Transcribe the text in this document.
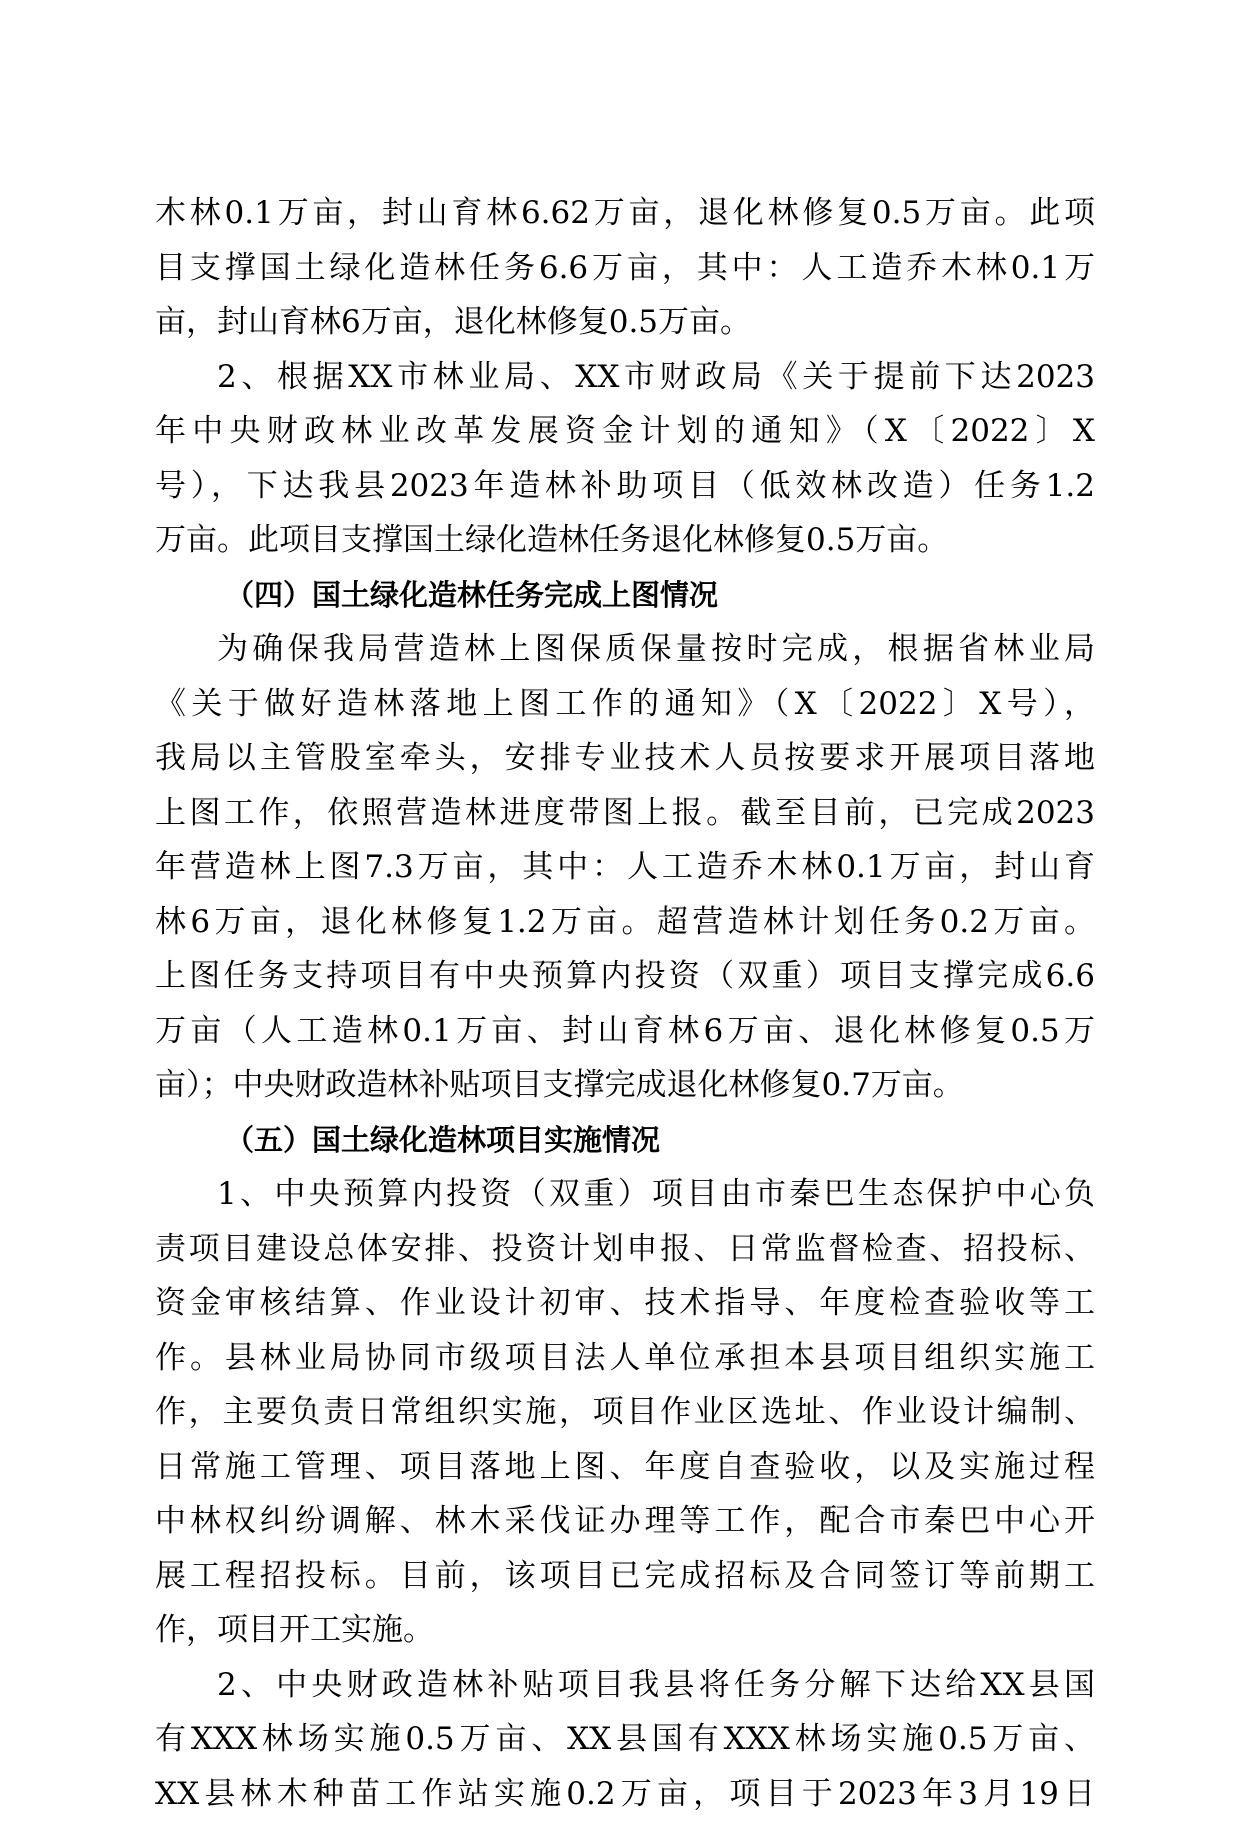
木林0.1万亩，封山育林6.62万亩，退化林修复0.5万亩。此项
目支撑国土绿化造林任务6.6万亩，其中：人工造乔木林0.1万
亩，封山育林6万亩，退化林修复0.5万亩。
2、根据XX市林业局、XX市财政局《关于提前下达2023
年中央财政林业改革发展资金计划的通知》（X〔2022〕X
号），下达我县2023年造林补助项目（低效林改造）任务1.2
万亩。此项目支撑国土绿化造林任务退化林修复0.5万亩。
（四）国土绿化造林任务完成上图情况
为确保我局营造林上图保质保量按时完成，根据省林业局
《关于做好造林落地上图工作的通知》（X〔2022〕X号），
我局以主管股室牵头，安排专业技术人员按要求开展项目落地
上图工作，依照营造林进度带图上报。截至目前，已完成2023
年营造林上图7.3万亩，其中：人工造乔木林0.1万亩，封山育
林6万亩，退化林修复1.2万亩。超营造林计划任务0.2万亩。
上图任务支持项目有中央预算内投资（双重）项目支撑完成6.6
万亩（人工造林0.1万亩、封山育林6万亩、退化林修复0.5万
亩）；中央财政造林补贴项目支撑完成退化林修复0.7万亩。
（五）国土绿化造林项目实施情况
1、中央预算内投资（双重）项目由市秦巴生态保护中心负
责项目建设总体安排、投资计划申报、日常监督检查、招投标、
资金审核结算、作业设计初审、技术指导、年度检查验收等工
作。县林业局协同市级项目法人单位承担本县项目组织实施工
作，主要负责日常组织实施，项目作业区选址、作业设计编制、
日常施工管理、项目落地上图、年度自查验收，以及实施过程
中林权纠纷调解、林木采伐证办理等工作，配合市秦巴中心开
展工程招投标。目前，该项目已完成招标及合同签订等前期工
作，项目开工实施。
2、中央财政造林补贴项目我县将任务分解下达给XX县国
有XXX林场实施0.5万亩、XX县国有XXX林场实施0.5万亩、
XX县林木种苗工作站实施0.2万亩，项目于2023年3月19日
